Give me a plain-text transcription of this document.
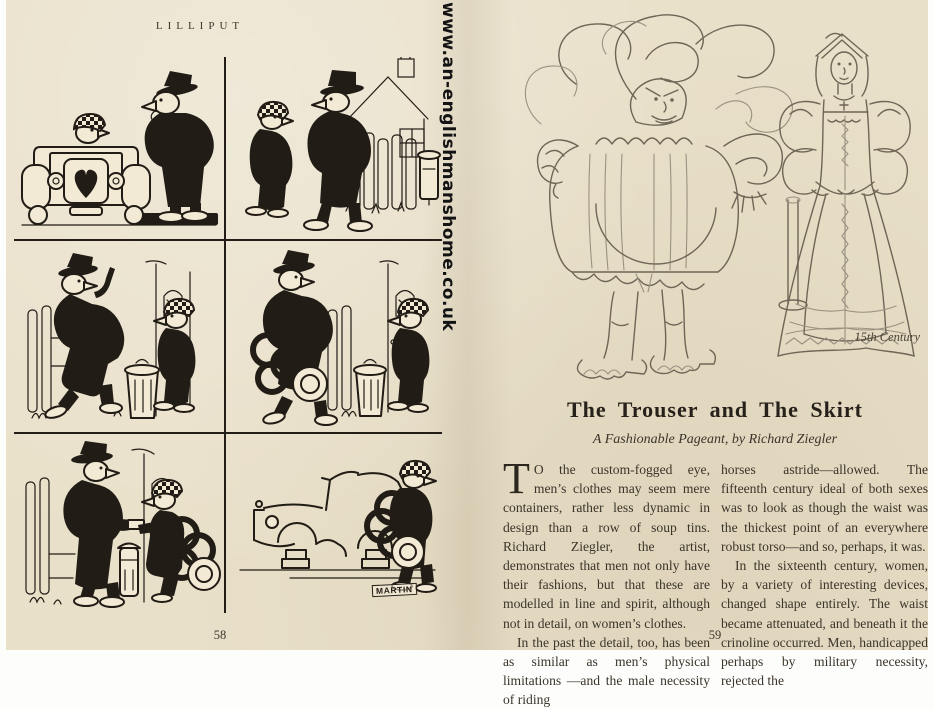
LILLIPUT
MARTIN
58
www.an-englishmanshome.co.uk
15th Century
The Trouser and The Skirt
A Fashionable Pageant, by Richard Ziegler

T O the custom-fogged eye, men’s clothes may seem mere containers, rather less dynamic in design than a row of soup tins. Richard Ziegler, the artist, demonstrates that men not only have their fashions, but that these are modelled in line and spirit, although not in detail, on women’s clothes.

In the past the detail, too, has been as similar as men’s physical limitations —and the male necessity of riding

horses astride—allowed. The fifteenth century ideal of both sexes was to look as though the waist was the thickest point of an everywhere robust torso—and so, perhaps, it was.

In the sixteenth century, women, by a variety of interesting devices, changed shape entirely. The waist became attenuated, and beneath it the crinoline occurred. Men, handicapped perhaps by military necessity, rejected the

59
